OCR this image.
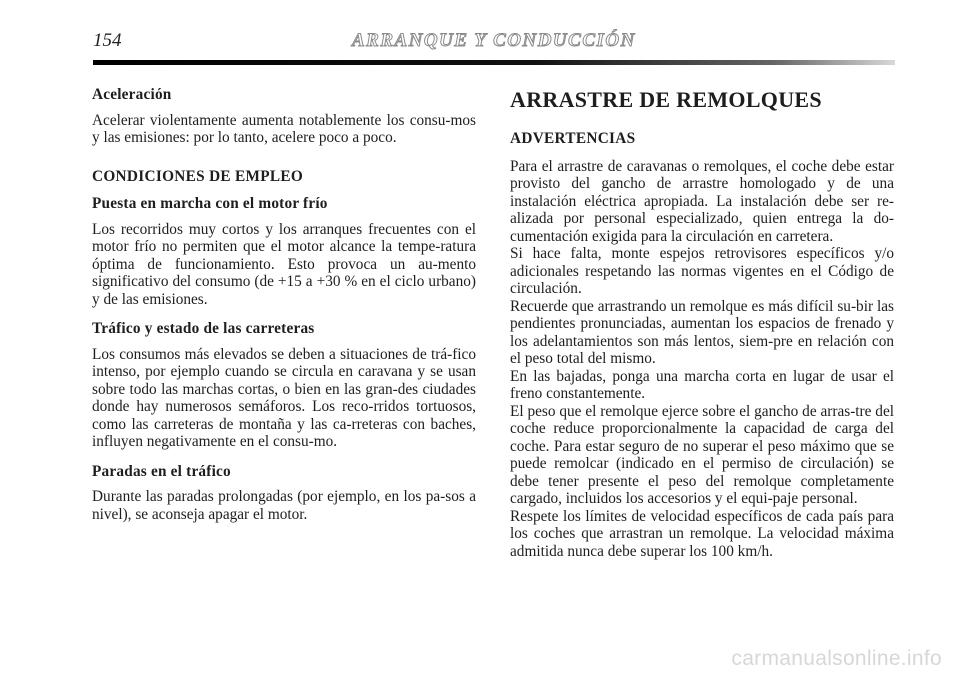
154	ARRANQUE Y CONDUCCIÓN
Aceleración

Acelerar violentamente aumenta notablemente los consu-mos y las emisiones: por lo tanto, acelere poco a poco.

CONDICIONES DE EMPLEO
Puesta en marcha con el motor frío

Los recorridos muy cortos y los arranques frecuentes con el motor frío no permiten que el motor alcance la tempe-ratura óptima de funcionamiento. Esto provoca un au-mento significativo del consumo (de +15 a +30 % en el ciclo urbano) y de las emisiones.

Tráfico y estado de las carreteras

Los consumos más elevados se deben a situaciones de trá-fico intenso, por ejemplo cuando se circula en caravana y se usan sobre todo las marchas cortas, o bien en las gran-des ciudades donde hay numerosos semáforos. Los reco-rridos tortuosos, como las carreteras de montaña y las ca-rreteras con baches, influyen negativamente en el consu-mo.

Paradas en el tráfico

Durante las paradas prolongadas (por ejemplo, en los pa-sos a nivel), se aconseja apagar el motor.

ARRASTRE DE REMOLQUES
ADVERTENCIAS

Para el arrastre de caravanas o remolques, el coche debe estar provisto del gancho de arrastre homologado y de una instalación eléctrica apropiada. La instalación debe ser re-alizada por personal especializado, quien entrega la do-cumentación exigida para la circulación en carretera.

Si hace falta, monte espejos retrovisores específicos y/o adicionales respetando las normas vigentes en el Código de circulación.

Recuerde que arrastrando un remolque es más difícil su-bir las pendientes pronunciadas, aumentan los espacios de frenado y los adelantamientos son más lentos, siem-pre en relación con el peso total del mismo.

En las bajadas, ponga una marcha corta en lugar de usar el freno constantemente.

El peso que el remolque ejerce sobre el gancho de arras-tre del coche reduce proporcionalmente la capacidad de carga del coche. Para estar seguro de no superar el peso máximo que se puede remolcar (indicado en el permiso de circulación) se debe tener presente el peso del remolque completamente cargado, incluidos los accesorios y el equi-paje personal.

Respete los límites de velocidad específicos de cada país para los coches que arrastran un remolque. La velocidad máxima admitida nunca debe superar los 100 km/h.

carmanualsonline.info
